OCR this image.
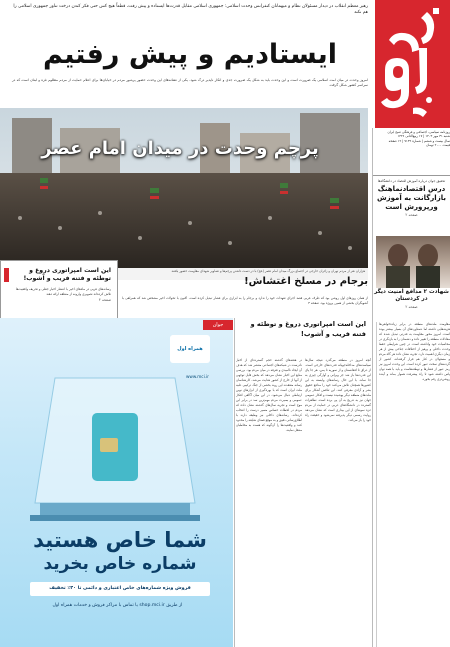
روزنامه سیاسی، اجتماعی و فرهنگی صبح ایران
شنبه ۳۱ مهر ۱۴۰۳ | ۱۷ ربیع‌الثانی ۱۴۴۶
سال بیست و ششم | شماره ۷۱۳۹ | ۱۲ صفحه
قیمت ۲۰۰۰ تومان
تحقیق جوان درباره آموزش اقتصاد در دانشگاه‌ها
درس اقتصادنماهنگ بازارگانت به آموزش ورپرورش است
صفحه ۲
شهادت ۲ مدافع امنیت دیگر در کردستان
صفحه ۲
رهبر معظم انقلاب در دیدار مسئولان نظام و میهمانان کنفرانس وحدت اسلامی: جمهوری اسلامی مقابل قدرت‌ها ایستاده و پیش رفت، قطعاً هیچ کس حتی فکر کندن درخت تناور جمهوری اسلامی را هم نکند
ایستادیم و پیش رفتیم
امروز وحدت در میان امت اسلامی یک ضرورت است و این وحدت باید به شکل یک ضرورت جدی و انکار ناپذیر درک شود. یکی از نشانه‌های این وحدت حضور پرشور مردم در خیابان‌ها برای اعلام حمایت از مردم مظلوم غزه و لبنان است که در سراسر کشور شکل گرفت
پرچم وحدت در میدان امام عصر
هزاران نفر از مردم تهران و زائران خارجی در اجتماع بزرگ میدان امام عصر (عج) با در دست داشتن پرچم‌ها و تصاویر شهدای مقاومت حضور یافتند
این است امپراتوری دروغ و توطئه و فتنه فریب و آشوب!
رسانه‌های غربی در ماه‌های اخیر با انتشار اخبار جعلی و تحریف واقعیت‌ها تلاش کرده‌اند تصویری وارونه از منطقه ارائه دهند
صفحه ۳
برجام در مسلخ اغتشاش!
از همان روزهای اول روشن بود که طرف غربی قصد اجرای تعهدات خود را ندارد و برجام را به ابزاری برای فشار تبدیل کرده است. اکنون با تحولات اخیر مشخص شد که همراهی با آشوبگران بخشی از همین پروژه بود. صفحه ۳
جوان
همراه اول
www.mci.ir
شما خاص هستید
شماره خاص بخرید
فروش ویژه شماره‌های خاص اعتباری و دائمی تا ۴۰٪ تخفیف
از طریق shop.mci.ir یا تماس با مراکز فروش و خدمات همراه اول
این است امپراتوری دروغ و توطئه و فتنه فریب و آشوب!
مقاومت ملت‌های منطقه در برابر زیاده‌خواهی‌ها هزینه‌هایی داشته اما دستاوردهای آن بسیار بیشتر بوده است. امروز محور مقاومت به قدرتی تبدیل شده که معادلات منطقه را تغییر داده و دشمنان را به بازنگری در محاسبات خود واداشته است. در چنین شرایطی حفظ وحدت داخلی و پرهیز از اختلافات جناحی بیش از هر زمان دیگری اهمیت دارد. تجربه نشان داده هر گاه مردم و مسئولان در کنار هم قرار گرفته‌اند، کشور از گردنه‌های سخت عبور کرده است. این وحدت امروز نیز رمز عبور از فشارها و توطئه‌هاست و باید با همه توان پاس داشته شود تا راه پیشرفت هموار بماند و آینده روشن‌تری رقم بخورد.
آنچه امروز در منطقه می‌گذرد نتیجه سال‌ها سیاست‌های مداخله‌جویانه قدرت‌های خارجی است. از عراق تا افغانستان و از سوریه تا یمن، هر جا پای این قدرت‌ها باز شد جز ویرانی و آوارگی چیزی به جا نماند. با این حال رسانه‌های وابسته به این کشورها همچنان تلاش می‌کنند خود را مدافع حقوق بشر و آزادی معرفی کنند. این تناقض آشکار برای ملت‌های منطقه دیگر پوشیده نیست و افکار عمومی جهان نیز به تدریج به آن پی برده است. تظاهرات گسترده در دانشگاه‌های غربی در حمایت از مردم غزه نمونه‌ای از این بیداری است که نشان می‌دهد روایت رسمی دیگر پذیرفته نمی‌شود و حقیقت راه خود را باز می‌کند.
در هفته‌های گذشته حجم گسترده‌ای از اخبار نادرست در شبکه‌های اجتماعی منتشر شد که هدف آن ایجاد ناامیدی و تفرقه در میان مردم بود. بررسی منابع این اخبار نشان می‌دهد که بخش قابل توجهی از آنها از خارج از کشور هدایت می‌شد. کارشناسان رسانه معتقدند این روند بخشی از جنگ ترکیبی علیه ملت ایران است که با بهره‌گیری از ابزارهای نوین ارتباطی دنبال می‌شود. در این میان آگاهی افکار عمومی و بصیرت مردم مهم‌ترین سد در برابر این موج است و تجربه سال‌های گذشته نشان داده که مردم در لحظات حساس مسیر درست را انتخاب کرده‌اند. رسانه‌های داخلی نیز وظیفه دارند با اطلاع‌رسانی دقیق و به موقع فضای شایعه را محدود کنند و واقعیت‌ها را آن‌گونه که هست به مخاطبان منتقل نمایند.
